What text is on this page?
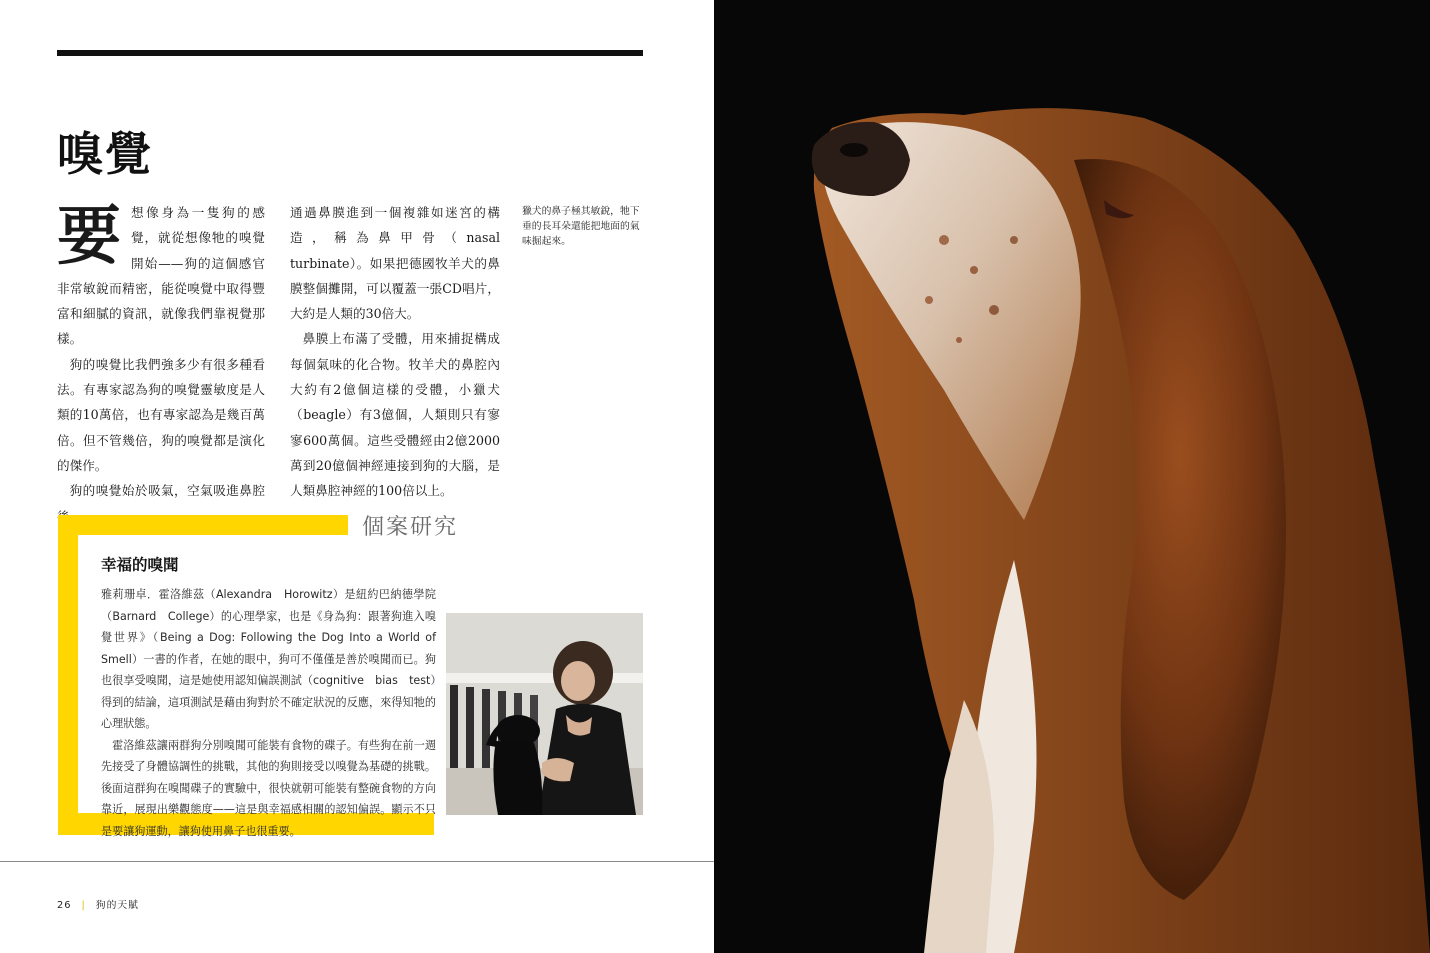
嗅覺
要 想像身為一隻狗的感覺，就從想像牠的嗅覺開始——狗的這個感官非常敏銳而精密，能從嗅覺中取得豐富和細膩的資訊，就像我們靠視覺那樣。

狗的嗅覺比我們強多少有很多種看法。有專家認為狗的嗅覺靈敏度是人類的10萬倍，也有專家認為是幾百萬倍。但不管幾倍，狗的嗅覺都是演化的傑作。

狗的嗅覺始於吸氣，空氣吸進鼻腔

通過鼻膜進到一個複雜如迷宮的構造，稱為鼻甲骨（nasal turbinate）。如果把德國牧羊犬的鼻膜整個攤開，可以覆蓋一張CD唱片，大約是人類的30倍大。

鼻膜上布滿了受體，用來捕捉構成每個氣味的化合物。牧羊犬的鼻腔內大約有2億個這樣的受體，小獵犬（beagle）有3億個，人類則只有寥寥600萬個。這些受體經由2億2000萬到20億個神經連接到狗的大腦，是人類鼻腔神經的100倍以上。

獵犬的鼻子極其敏銳，牠下垂的長耳朵還能把地面的氣味掘起來。
個案研究
幸福的嗅聞

雅莉珊卓．霍洛維茲（Alexandra　Horowitz）是紐約巴納德學院（Barnard　College）的心理學家，也是《身為狗：跟著狗進入嗅覺世界》（Being a Dog: Following the Dog Into a World of Smell）一書的作者，在她的眼中，狗可不僅僅是善於嗅聞而已。狗也很享受嗅聞，這是她使用認知偏誤測試（cognitive　bias　test）得到的結論，這項測試是藉由狗對於不確定狀況的反應，來得知牠的心理狀態。

霍洛維茲讓兩群狗分別嗅聞可能裝有食物的碟子。有些狗在前一週先接受了身體協調性的挑戰，其他的狗則接受以嗅覺為基礎的挑戰。後面這群狗在嗅聞碟子的實驗中，很快就朝可能裝有整碗食物的方向靠近，展現出樂觀態度——這是與幸福感相關的認知偏誤。顯示不只是要讓狗運動，讓狗使用鼻子也很重要。

26 | 狗的天賦
